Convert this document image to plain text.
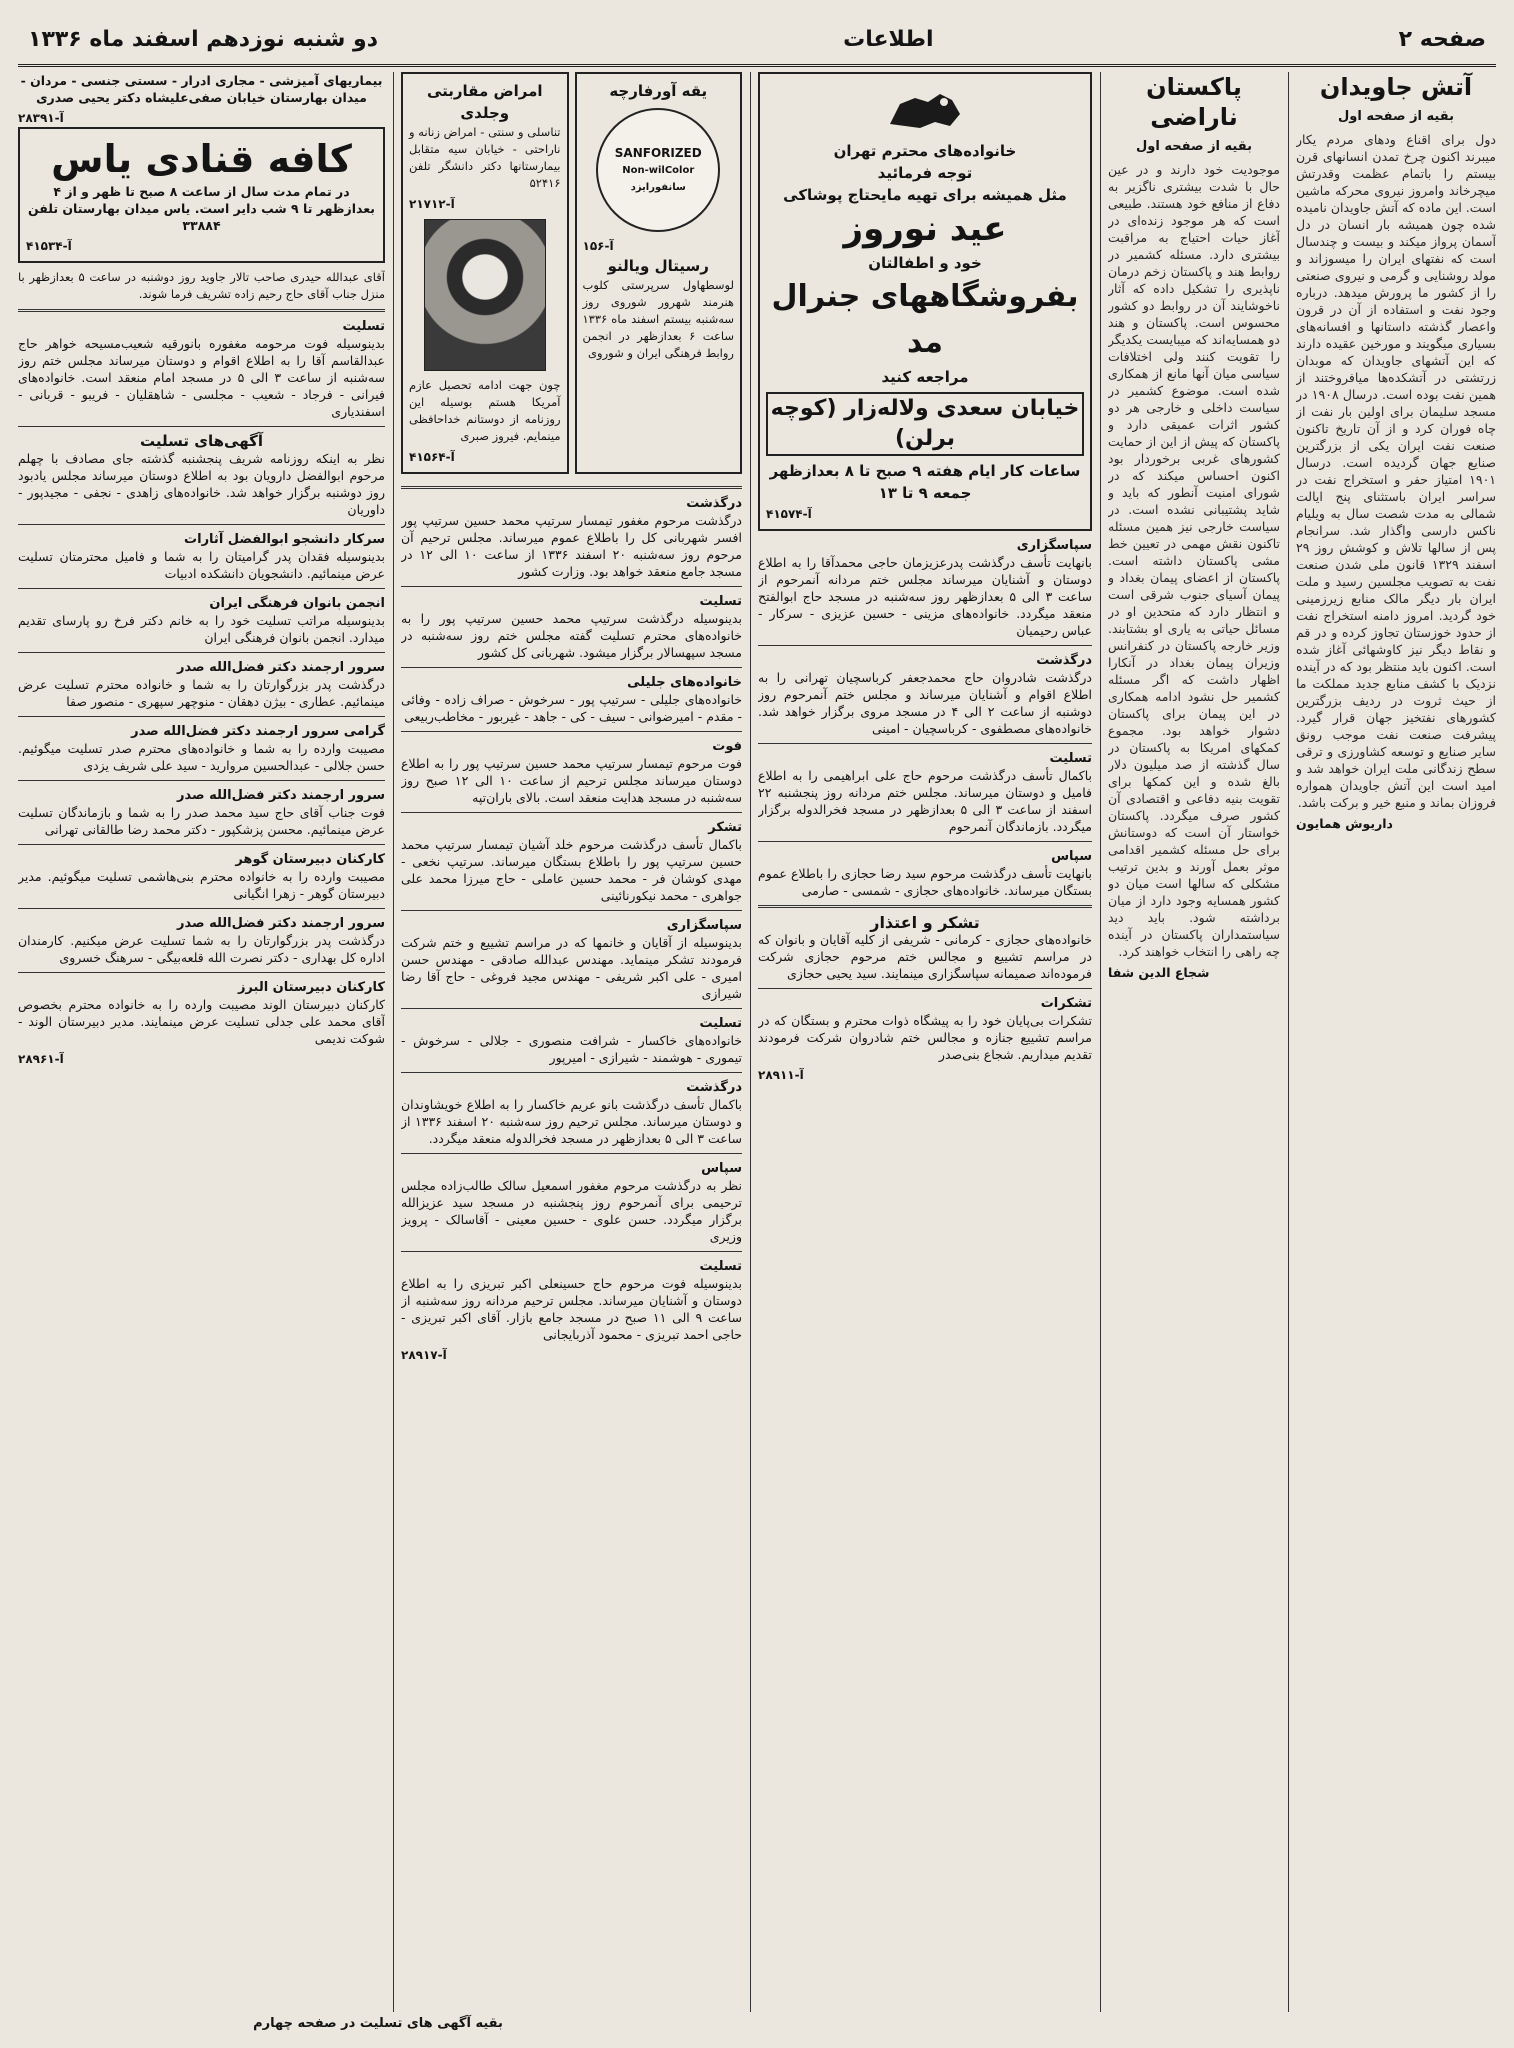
صفحه ۲
اطلاعات
دو شنبه نوزدهم اسفند ماه ۱۳۳۶
آتش جاویدان
بقیه از صفحه اول

دول برای اقناع ودهای مردم یکار میبرند اکنون چرخ تمدن انسانهای قرن بیستم را باتمام عظمت وقدرتش میچرخاند وامروز نیروی محرکه ماشین است. این ماده که آتش جاویدان نامیده شده چون همیشه بار انسان در دل آسمان پرواز میکند و بیست و چندسال است که نفتهای ایران را میسوزاند و مولد روشنایی و گرمی و نیروی صنعتی را از کشور ما پرورش میدهد. درباره وجود نفت و استفاده از آن در قرون واعصار گذشته داستانها و افسانه‌های بسیاری میگویند و مورخین عقیده دارند که این آتشهای جاویدان که موبدان زرتشتی در آتشکده‌ها میافروختند از همین نفت بوده است. درسال ۱۹۰۸ در مسجد سلیمان برای اولین بار نفت از چاه فوران کرد و از آن تاریخ تاکنون صنعت نفت ایران یکی از بزرگترین صنایع جهان گردیده است. درسال ۱۹۰۱ امتیاز حفر و استخراج نفت در سراسر ایران باستثنای پنج ایالت شمالی به مدت شصت سال به ویلیام ناکس دارسی واگذار شد. سرانجام پس از سالها تلاش و کوشش روز ۲۹ اسفند ۱۳۲۹ قانون ملی شدن صنعت نفت به تصویب مجلسین رسید و ملت ایران بار دیگر مالک منابع زیرزمینی خود گردید. امروز دامنه استخراج نفت از حدود خوزستان تجاوز کرده و در قم و نقاط دیگر نیز کاوشهائی آغاز شده است. اکنون باید منتظر بود که در آینده نزدیک با کشف منابع جدید مملکت ما از حیث ثروت در ردیف بزرگترین کشورهای نفتخیز جهان قرار گیرد. پیشرفت صنعت نفت موجب رونق سایر صنایع و توسعه کشاورزی و ترقی سطح زندگانی ملت ایران خواهد شد و امید است این آتش جاویدان همواره فروزان بماند و منبع خیر و برکت باشد.

داریوش همایون

پاکستان ناراضی
بقیه از صفحه اول

موجودیت خود دارند و در عین حال با شدت بیشتری ناگزیر به دفاع از منافع خود هستند. طبیعی است که هر موجود زنده‌ای در آغاز حیات احتیاج به مراقبت بیشتری دارد. مسئله کشمیر در روابط هند و پاکستان زخم درمان ناپذیری را تشکیل داده که آثار ناخوشایند آن در روابط دو کشور محسوس است. پاکستان و هند دو همسایه‌اند که میبایست یکدیگر را تقویت کنند ولی اختلافات سیاسی میان آنها مانع از همکاری شده است. موضوع کشمیر در سیاست داخلی و خارجی هر دو کشور اثرات عمیقی دارد و پاکستان که پیش از این از حمایت کشورهای غربی برخوردار بود اکنون احساس میکند که در شورای امنیت آنطور که باید و شاید پشتیبانی نشده است. در سیاست خارجی نیز همین مسئله تاکنون نقش مهمی در تعیین خط مشی پاکستان داشته است. پاکستان از اعضای پیمان بغداد و پیمان آسیای جنوب شرقی است و انتظار دارد که متحدین او در مسائل حیاتی به یاری او بشتابند. وزیر خارجه پاکستان در کنفرانس وزیران پیمان بغداد در آنکارا اظهار داشت که اگر مسئله کشمیر حل نشود ادامه همکاری در این پیمان برای پاکستان دشوار خواهد بود. مجموع کمکهای امریکا به پاکستان در سال گذشته از صد میلیون دلار بالغ شده و این کمکها برای تقویت بنیه دفاعی و اقتصادی آن کشور صرف میگردد. پاکستان خواستار آن است که دوستانش برای حل مسئله کشمیر اقدامی موثر بعمل آورند و بدین ترتیب مشکلی که سالها است میان دو کشور همسایه وجود دارد از میان برداشته شود. باید دید سیاستمداران پاکستان در آینده چه راهی را انتخاب خواهند کرد.

شجاع الدین شفا

خانواده‌های محترم تهران
توجه فرمائید
مثل همیشه برای تهیه مایحتاج پوشاکی
عید نوروز
خود و اطفالتان
بفروشگاههای جنرال مد
مراجعه کنید
خیابان سعدی ولاله‌زار (کوچه برلن)
ساعات کار ایام هفته ۹ صبح تا ۸ بعدازظهر
جمعه ۹ تا ۱۳
آ-۴۱۵۷۴
سپاسگزاری

بانهایت تأسف درگذشت پدرعزیزمان حاجی محمدآقا را به اطلاع دوستان و آشنایان میرساند مجلس ختم مردانه آنمرحوم از ساعت ۳ الی ۵ بعدازظهر روز سه‌شنبه در مسجد حاج ابوالفتح منعقد میگردد. خانواده‌های مزینی - حسین عزیزی - سرکار - عباس رحیمیان

درگذشت

درگذشت شادروان حاج محمدجعفر کرباسچیان تهرانی را به اطلاع اقوام و آشنایان میرساند و مجلس ختم آنمرحوم روز دوشنبه از ساعت ۲ الی ۴ در مسجد مروی برگزار خواهد شد. خانواده‌های مصطفوی - کرباسچیان - امینی

تسلیت

باکمال تأسف درگذشت مرحوم حاج علی ابراهیمی را به اطلاع فامیل و دوستان میرساند. مجلس ختم مردانه روز پنجشنبه ۲۲ اسفند از ساعت ۳ الی ۵ بعدازظهر در مسجد فخرالدوله برگزار میگردد. بازماندگان آنمرحوم

سپاس

بانهایت تأسف درگذشت مرحوم سید رضا حجازی را باطلاع عموم بستگان میرساند. خانواده‌های حجازی - شمسی - صارمی

تشکر و اعتذار

خانواده‌های حجازی - کرمانی - شریفی از کلیه آقایان و بانوان که در مراسم تشییع و مجالس ختم مرحوم حجازی شرکت فرموده‌اند صمیمانه سپاسگزاری مینمایند. سید یحیی حجازی

تشکرات

تشکرات بی‌پایان خود را به پیشگاه ذوات محترم و بستگان که در مراسم تشییع جنازه و مجالس ختم شادروان شرکت فرمودند تقدیم میداریم. شجاع بنی‌صدر

آ-۲۸۹۱۱
یقه آورفارچه
SANFORIZED
Non-wilColor
سانفورایزد
آ-۱۵۶
رسیتال ویالنو

لوسطهاول سرپرستی کلوب هنرمند شهرور شوروی روز سه‌شنبه بیستم اسفند ماه ۱۳۳۶ ساعت ۶ بعدازظهر در انجمن روابط فرهنگی ایران و شوروی

امراض مقاربتی وجلدی

تناسلی و سنتی - امراض زنانه و ناراحتی - خیابان سیه متقابل بیمارستانها دکتر دانشگر تلفن ۵۲۴۱۶

آ-۲۱۷۱۲

چون جهت ادامه تحصیل عازم آمریکا هستم بوسیله این روزنامه از دوستانم خداحافظی مینمایم. فیروز صبری

آ-۴۱۵۶۴
درگذشت

درگذشت مرحوم مغفور تیمسار سرتیپ محمد حسین سرتیپ پور افسر شهربانی کل را باطلاع عموم میرساند. مجلس ترحیم آن مرحوم روز سه‌شنبه ۲۰ اسفند ۱۳۳۶ از ساعت ۱۰ الی ۱۲ در مسجد جامع منعقد خواهد بود. وزارت کشور

تسلیت

بدینوسیله درگذشت سرتیپ محمد حسین سرتیپ پور را به خانواده‌های محترم تسلیت گفته مجلس ختم روز سه‌شنبه در مسجد سپهسالار برگزار میشود. شهربانی کل کشور

خانواده‌های جلیلی

خانواده‌های جلیلی - سرتیپ پور - سرخوش - صراف زاده - وفائی - مقدم - امیرضوانی - سیف - کی - جاهد - غیربور - مخاطب‌ربیعی

فوت

فوت مرحوم تیمسار سرتیپ محمد حسین سرتیپ پور را به اطلاع دوستان میرساند مجلس ترحیم از ساعت ۱۰ الی ۱۲ صبح روز سه‌شنبه در مسجد هدایت منعقد است. بالای باران‌تپه

تشکر

باکمال تأسف درگذشت مرحوم خلد آشیان تیمسار سرتیپ محمد حسین سرتیپ پور را باطلاع بستگان میرساند. سرتیپ نخعی - مهدی کوشان فر - محمد حسین عاملی - حاج میرزا محمد علی جواهری - محمد نیکورنائینی

سپاسگزاری

بدینوسیله از آقایان و خانمها که در مراسم تشییع و ختم شرکت فرمودند تشکر مینماید. مهندس عبدالله صادقی - مهندس حسن امیری - علی اکبر شریفی - مهندس مجید فروغی - حاج آقا رضا شیرازی

تسلیت

خانواده‌های خاکسار - شرافت منصوری - جلالی - سرخوش - تیموری - هوشمند - شیرازی - امیرپور

درگذشت

باکمال تأسف درگذشت بانو عریم خاکسار را به اطلاع خویشاوندان و دوستان میرساند. مجلس ترحیم روز سه‌شنبه ۲۰ اسفند ۱۳۳۶ از ساعت ۳ الی ۵ بعدازظهر در مسجد فخرالدوله منعقد میگردد.

سپاس

نظر به درگذشت مرحوم مغفور اسمعیل سالک طالب‌زاده مجلس ترحیمی برای آنمرحوم روز پنجشنبه در مسجد سید عزیزالله برگزار میگردد. حسن علوی - حسین معینی - آقاسالک - پرویز وزیری

تسلیت

بدینوسیله فوت مرحوم حاج حسینعلی اکبر تبریزی را به اطلاع دوستان و آشنایان میرساند. مجلس ترحیم مردانه روز سه‌شنبه از ساعت ۹ الی ۱۱ صبح در مسجد جامع بازار. آقای اکبر تبریزی - حاجی احمد تبریزی - محمود آذربایجانی

آ-۲۸۹۱۷

بیماریهای آمیزشی - مجاری ادرار - سستی جنسی - مردان - میدان بهارستان خیابان صفی‌علیشاه دکتر یحیی صدری

آ-۲۸۳۹۱
کافه قنادی یاس

در تمام مدت سال از ساعت ۸ صبح تا ظهر و از ۴ بعدازظهر تا ۹ شب دایر است. یاس میدان بهارستان تلفن ۳۳۸۸۴

آ-۴۱۵۳۴

آقای عبدالله حیدری صاحب تالار جاوید روز دوشنبه در ساعت ۵ بعدازظهر با منزل جناب آقای حاج رحیم زاده تشریف فرما شوند.

تسلیت

بدینوسیله فوت مرحومه مغفوره بانورقیه شعیب‌مسیحه خواهر حاج عبدالقاسم آقا را به اطلاع اقوام و دوستان میرساند مجلس ختم روز سه‌شنبه از ساعت ۳ الی ۵ در مسجد امام منعقد است. خانواده‌های فیرانی - فرجاد - شعیب - مجلسی - شاهقلیان - فریبو - قربانی - اسفندیاری

آگهی‌های تسلیت

نظر به اینکه روزنامه شریف پنجشنبه گذشته جای مصادف با چهلم مرحوم ابوالفضل دارویان بود به اطلاع دوستان میرساند مجلس یادبود روز دوشنبه برگزار خواهد شد. خانواده‌های زاهدی - نجفی - مجیدپور - داوریان

سرکار دانشجو ابوالفضل آثارات

بدینوسیله فقدان پدر گرامیتان را به شما و فامیل محترمتان تسلیت عرض مینمائیم. دانشجویان دانشکده ادبیات

انجمن بانوان فرهنگی ایران

بدینوسیله مراتب تسلیت خود را به خانم دکتر فرخ رو پارسای تقدیم میدارد. انجمن بانوان فرهنگی ایران

سرور ارجمند دکتر فضل‌الله صدر

درگذشت پدر بزرگوارتان را به شما و خانواده محترم تسلیت عرض مینمائیم. عطاری - بیژن دهقان - منوچهر سپهری - منصور صفا

گرامی سرور ارجمند دکتر فضل‌الله صدر

مصیبت وارده را به شما و خانواده‌های محترم صدر تسلیت میگوئیم. حسن جلالی - عبدالحسین مروارید - سید علی شریف یزدی

سرور ارجمند دکتر فضل‌الله صدر

فوت جناب آقای حاج سید محمد صدر را به شما و بازماندگان تسلیت عرض مینمائیم. محسن پزشکپور - دکتر محمد رضا طالقانی تهرانی

کارکنان دبیرستان گوهر

مصیبت وارده را به خانواده محترم بنی‌هاشمی تسلیت میگوئیم. مدیر دبیرستان گوهر - زهرا انگیانی

سرور ارجمند دکتر فضل‌الله صدر

درگذشت پدر بزرگوارتان را به شما تسلیت عرض میکنیم. کارمندان اداره کل بهداری - دکتر نصرت الله قلعه‌بیگی - سرهنگ خسروی

کارکنان دبیرستان البرز

کارکنان دبیرستان الوند مصیبت وارده را به خانواده محترم بخصوص آقای محمد علی جدلی تسلیت عرض مینمایند. مدیر دبیرستان الوند - شوکت ندیمی

آ-۲۸۹۶۱
بقیه آگهی های تسلیت در صفحه چهارم
